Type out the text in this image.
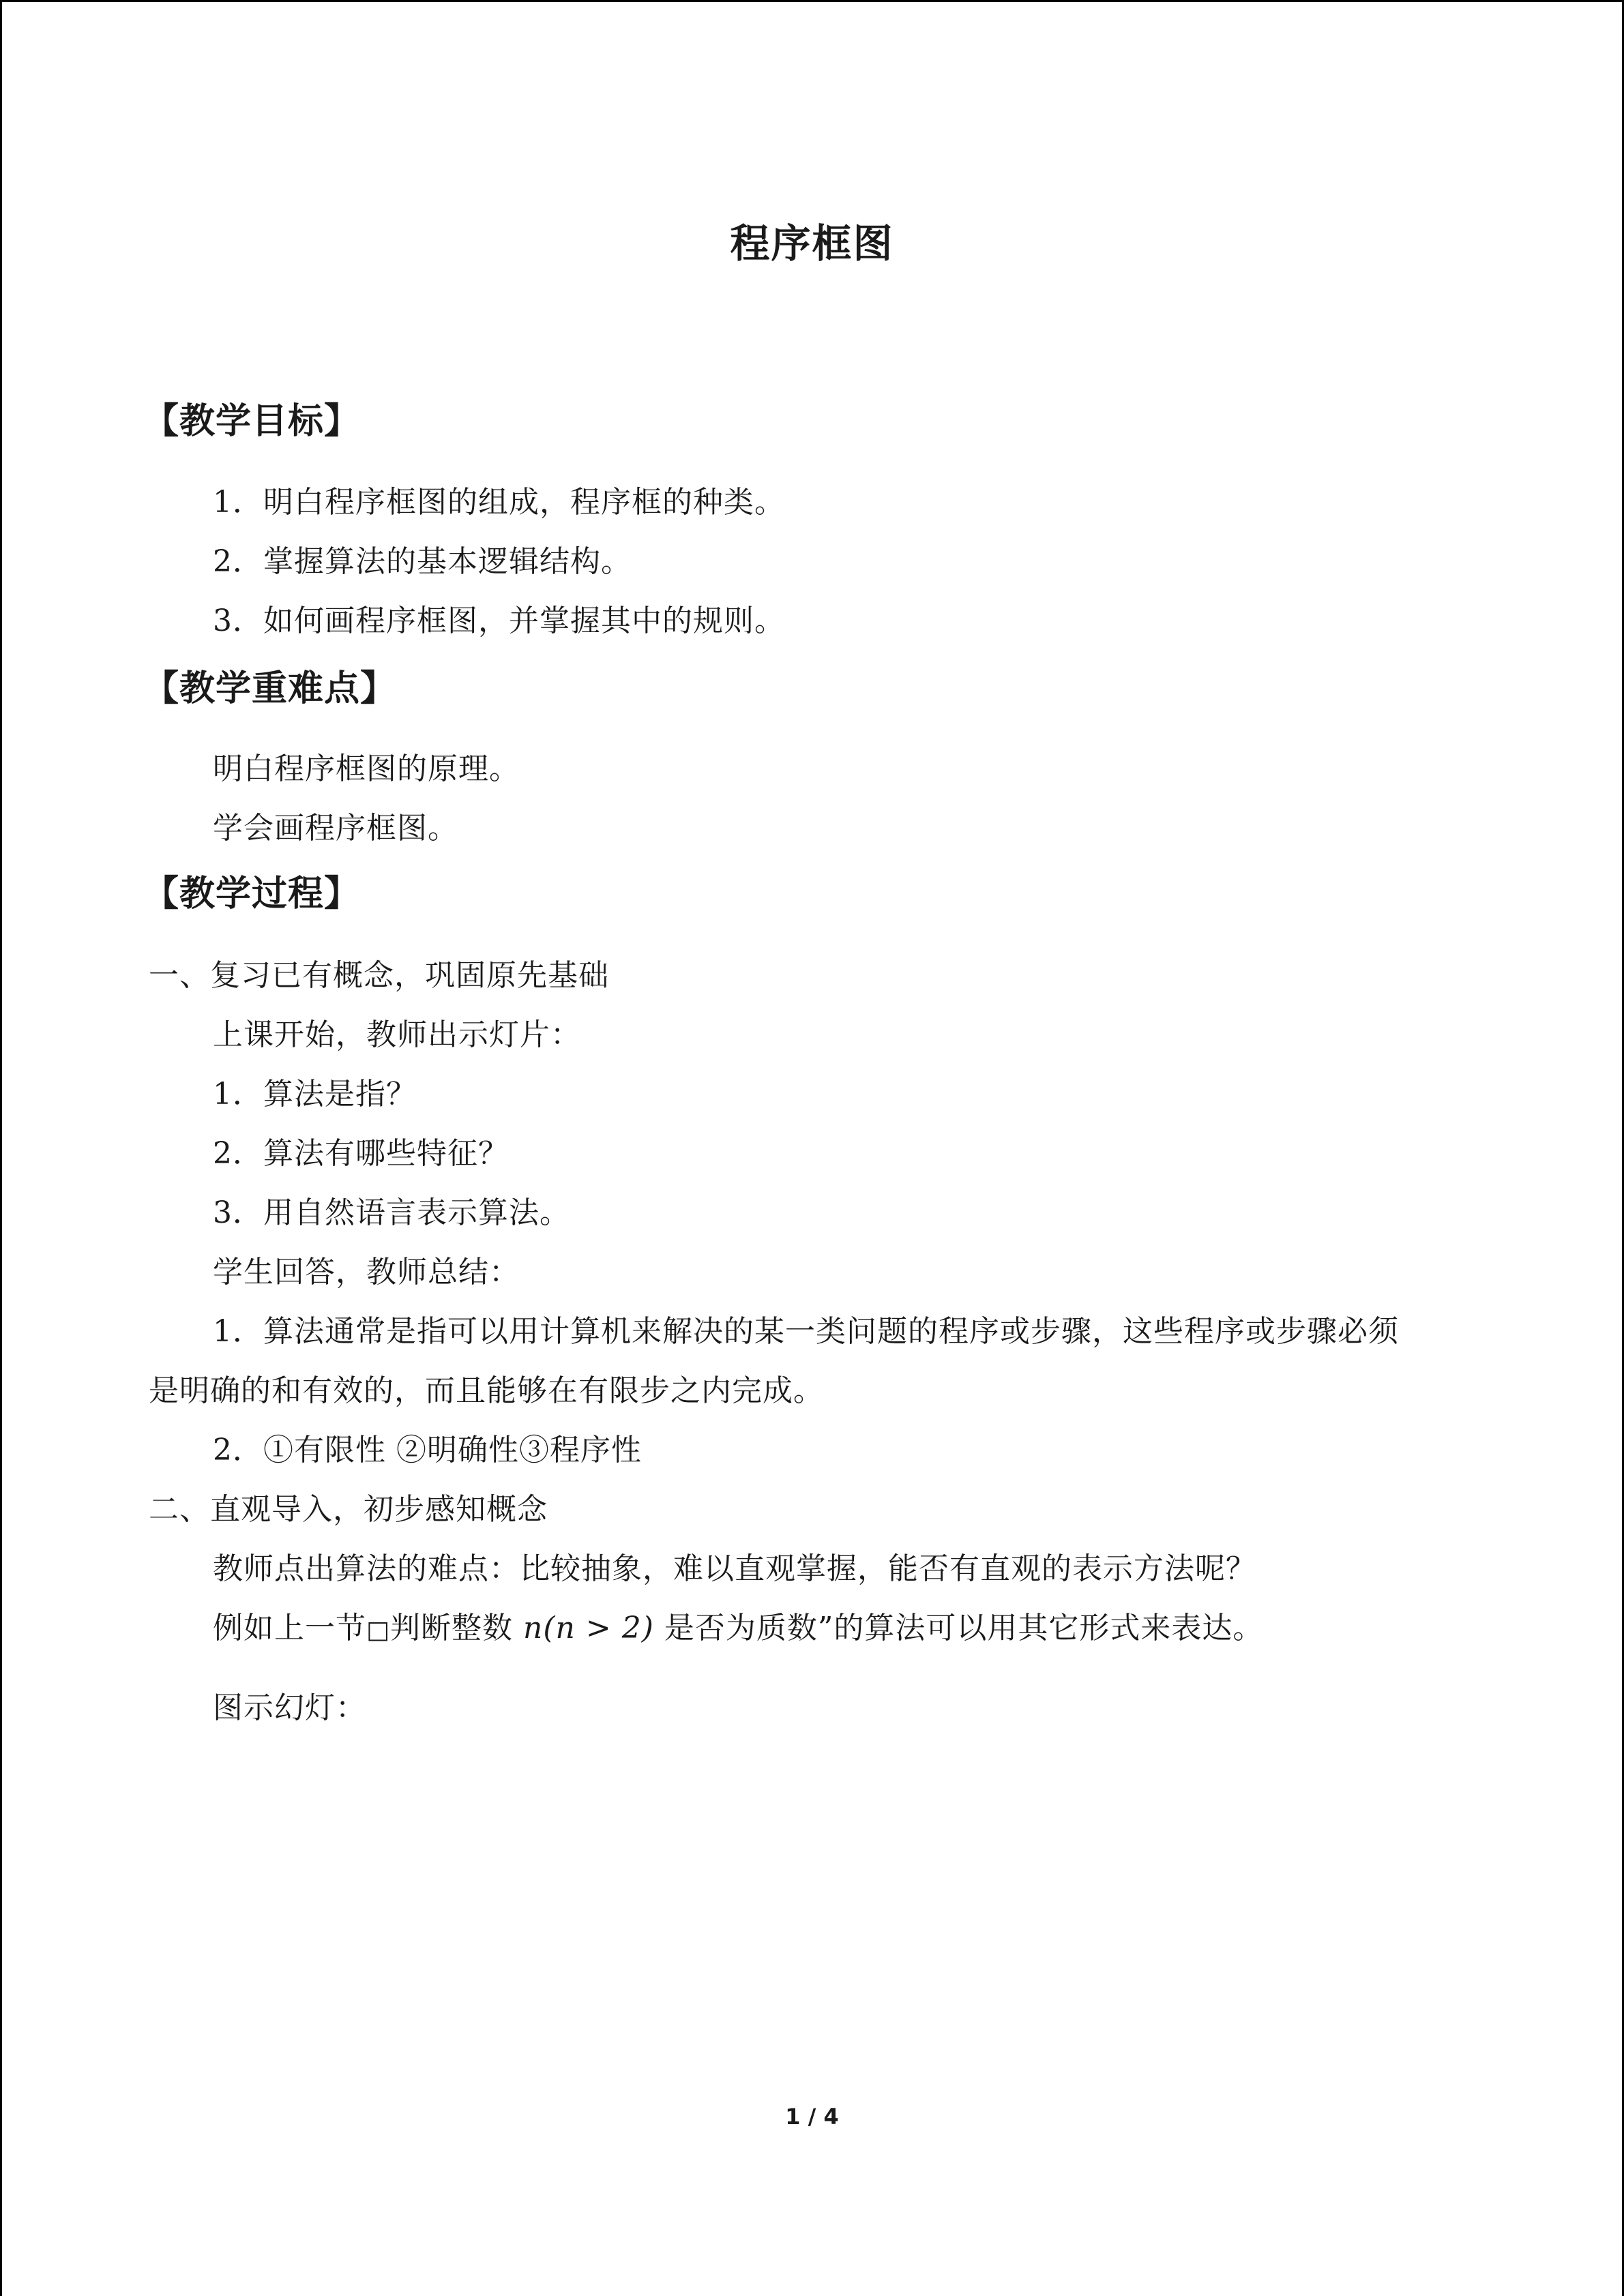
程序框图
【教学目标】
1．明白程序框图的组成，程序框的种类。
2．掌握算法的基本逻辑结构。
3．如何画程序框图，并掌握其中的规则。
【教学重难点】
明白程序框图的原理。
学会画程序框图。
【教学过程】
一、复习已有概念，巩固原先基础
上课开始，教师出示灯片：
1．算法是指？
2．算法有哪些特征？
3．用自然语言表示算法。
学生回答，教师总结：
1．算法通常是指可以用计算机来解决的某一类问题的程序或步骤，这些程序或步骤必须
是明确的和有效的，而且能够在有限步之内完成。
2．①有限性 ②明确性③程序性
二、直观导入，初步感知概念
教师点出算法的难点：比较抽象，难以直观掌握，能否有直观的表示方法呢？
例如上一节□判断整数 n(n > 2) 是否为质数”的算法可以用其它形式来表达。
图示幻灯：
1 / 4
